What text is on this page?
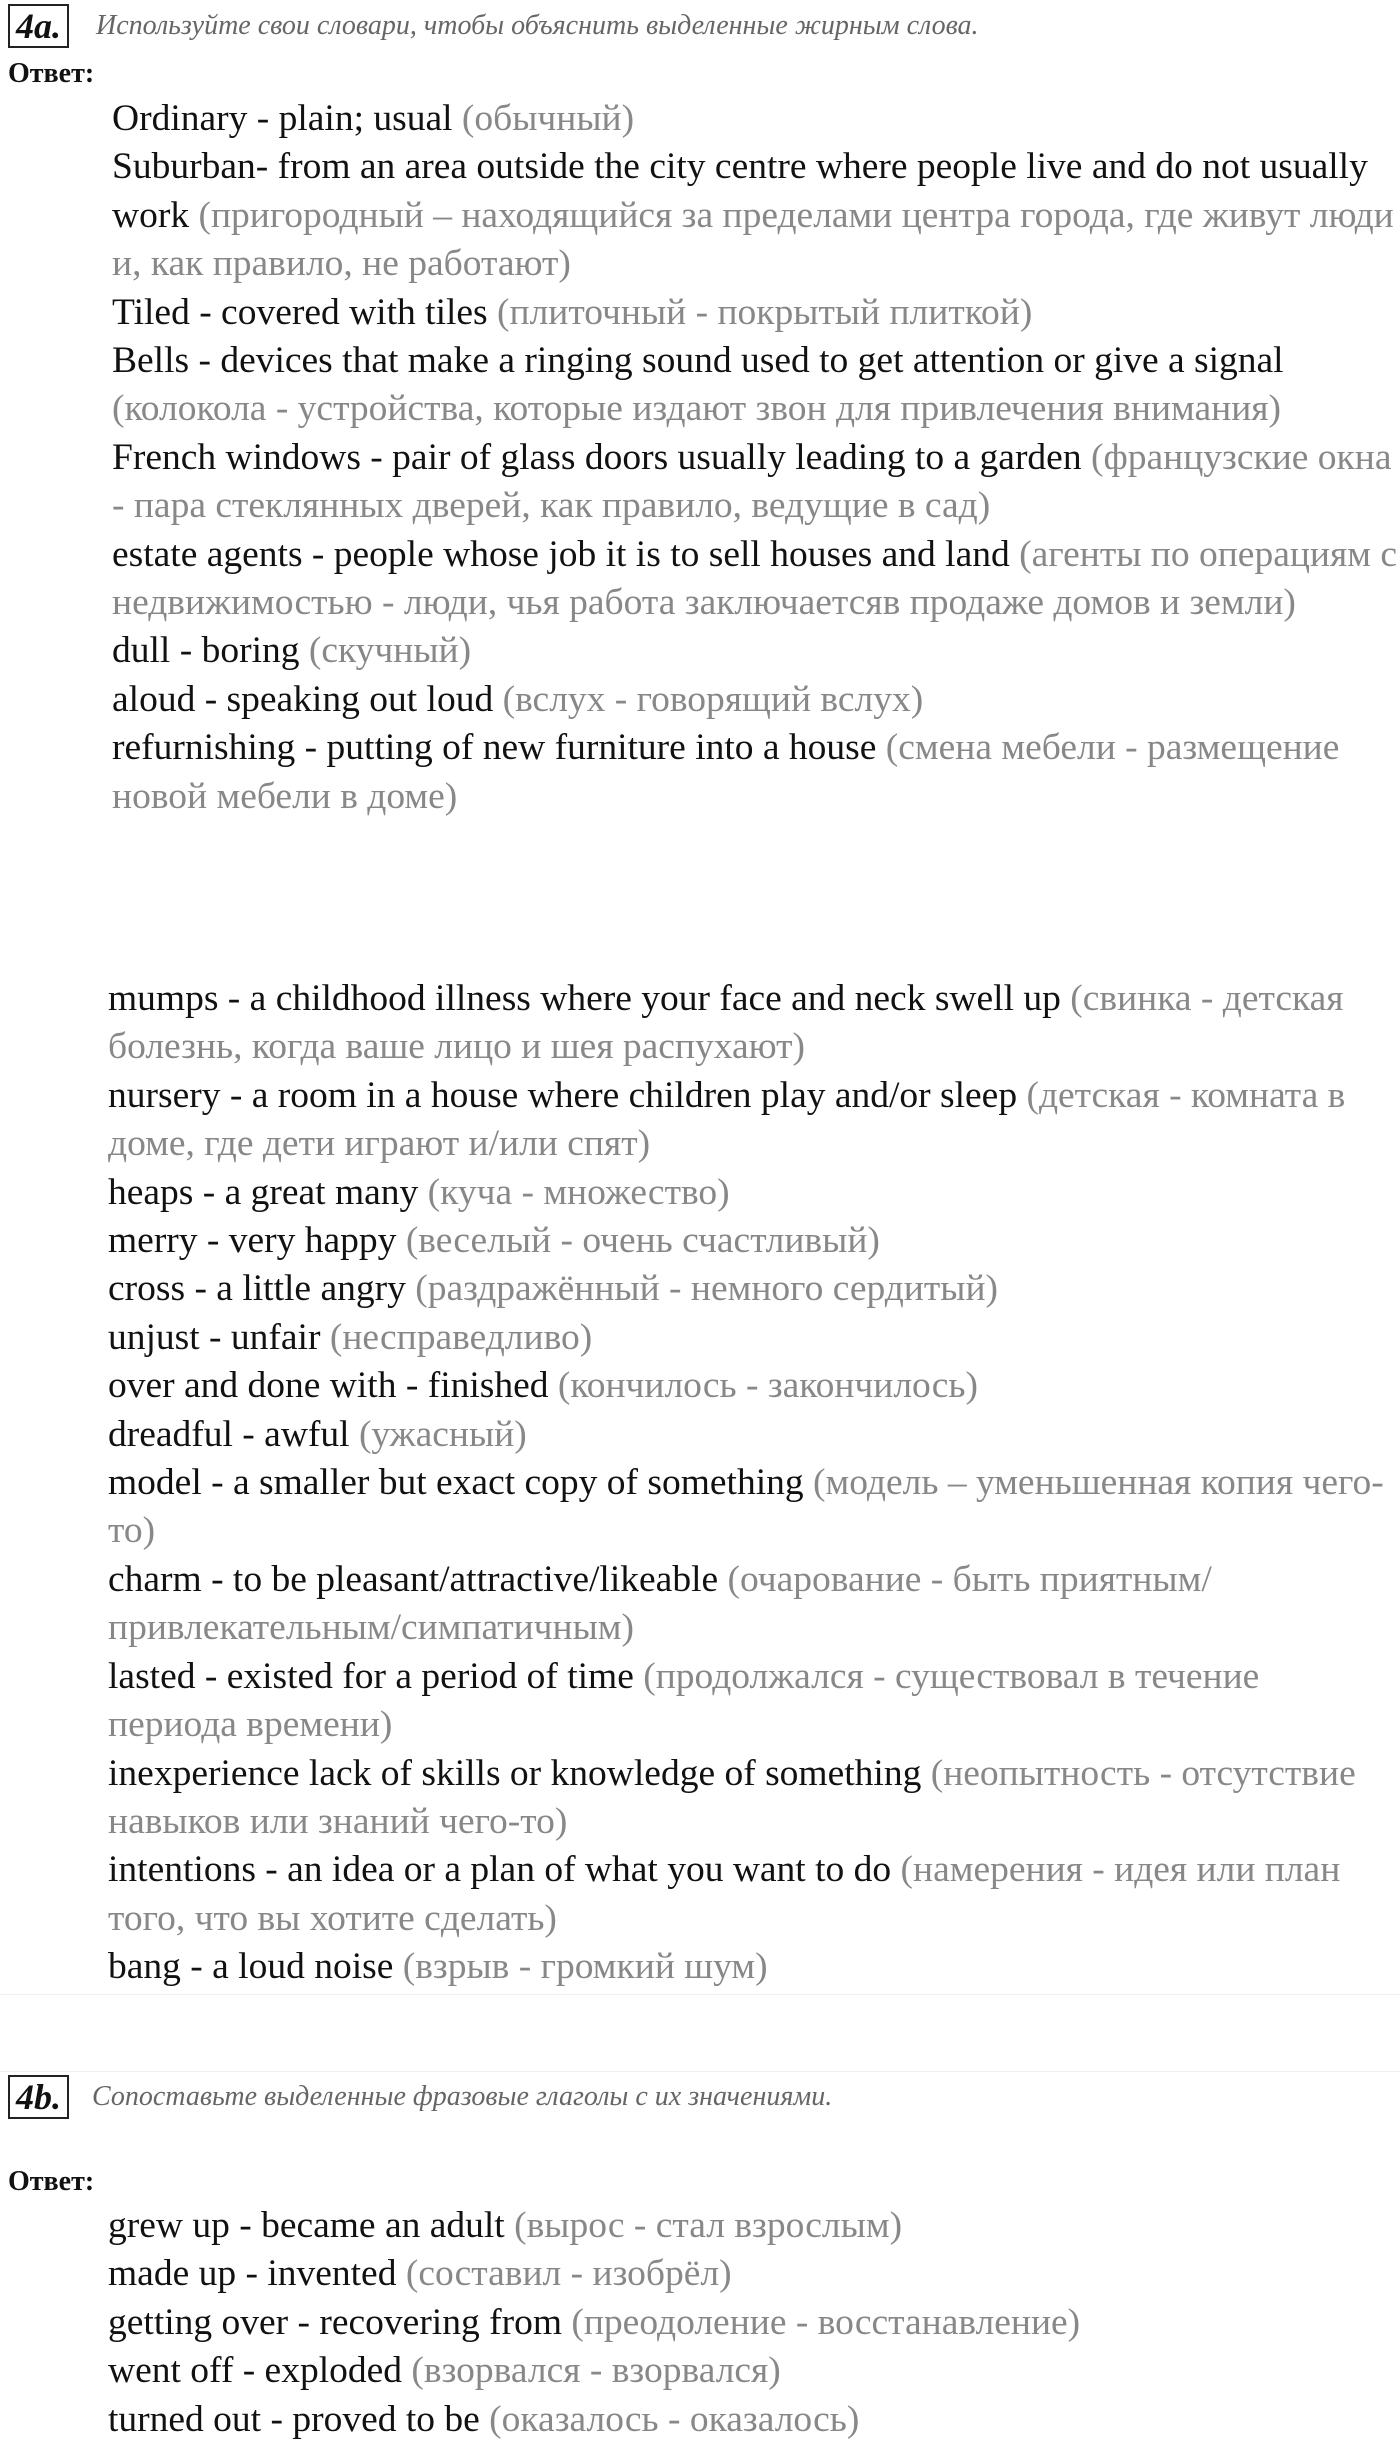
4a. Используйте свои словари, чтобы объяснить выделенные жирным слова.
Ответ:
Ordinary - plain; usual (обычный)
Suburban- from an area outside the city centre where people live and do not usually work (пригородный – находящийся за пределами центра города, где живут люди и, как правило, не работают)
Tiled - covered with tiles (плиточный - покрытый плиткой)
Bells - devices that make a ringing sound used to get attention or give a signal (колокола - устройства, которые издают звон для привлечения внимания)
French windows - pair of glass doors usually leading to a garden (французские окна - пара стеклянных дверей, как правило, ведущие в сад)
estate agents - people whose job it is to sell houses and land (агенты по операциям с недвижимостью - люди, чья работа заключаетсяв продаже домов и земли)
dull - boring (скучный)
aloud - speaking out loud (вслух - говорящий вслух)
refurnishing - putting of new furniture into a house (смена мебели - размещение новой мебели в доме)
mumps - a childhood illness where your face and neck swell up (свинка - детская болезнь, когда ваше лицо и шея распухают)
nursery - a room in a house where children play and/or sleep (детская - комната в доме, где дети играют и/или спят)
heaps - a great many (куча - множество)
merry - very happy (веселый - очень счастливый)
cross - a little angry (раздражённый - немного сердитый)
unjust - unfair (несправедливо)
over and done with - finished (кончилось - закончилось)
dreadful - awful (ужасный)
model - a smaller but exact copy of something (модель – уменьшенная копия чего-то)
charm - to be pleasant/attractive/likeable (очарование - быть приятным/привлекательным/симпатичным)
lasted - existed for a period of time (продолжался - существовал в течение периода времени)
inexperience lack of skills or knowledge of something (неопытность - отсутствие навыков или знаний чего-то)
intentions - an idea or a plan of what you want to do (намерения - идея или план того, что вы хотите сделать)
bang - a loud noise (взрыв - громкий шум)
4b. Сопоставьте выделенные фразовые глаголы с их значениями.
Ответ:
grew up - became an adult (вырос - стал взрослым)
made up - invented (составил - изобрёл)
getting over - recovering from (преодоление - восстанавление)
went off - exploded (взорвался - взорвался)
turned out - proved to be (оказалось - оказалось)
